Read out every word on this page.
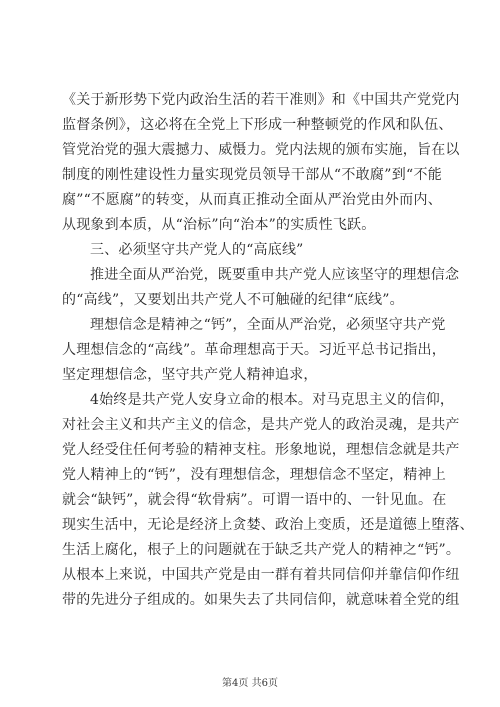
《关于新形势下党内政治生活的若干准则》和《中国共产党党内
监督条例》，这必将在全党上下形成一种整顿党的作风和队伍、
管党治党的强大震撼力、威慑力。党内法规的颁布实施，旨在以
制度的刚性建设性力量实现党员领导干部从“不敢腐”到“不能
腐”“不愿腐”的转变，从而真正推动全面从严治党由外而内、
从现象到本质，从“治标”向“治本”的实质性飞跃。
三、必须坚守共产党人的“高底线”
推进全面从严治党，既要重申共产党人应该坚守的理想信念
的“高线”，又要划出共产党人不可触碰的纪律“底线”。
理想信念是精神之“钙”，全面从严治党，必须坚守共产党
人理想信念的“高线”。革命理想高于天。习近平总书记指出，
坚定理想信念，坚守共产党人精神追求，
4始终是共产党人安身立命的根本。对马克思主义的信仰，
对社会主义和共产主义的信念，是共产党人的政治灵魂，是共产
党人经受住任何考验的精神支柱。形象地说，理想信念就是共产
党人精神上的“钙”，没有理想信念，理想信念不坚定，精神上
就会“缺钙”，就会得“软骨病”。可谓一语中的、一针见血。在
现实生活中，无论是经济上贪婪、政治上变质，还是道德上堕落、
生活上腐化，根子上的问题就在于缺乏共产党人的精神之“钙”。
从根本上来说，中国共产党是由一群有着共同信仰并靠信仰作纽
带的先进分子组成的。如果失去了共同信仰，就意味着全党的组
第4页 共6页
